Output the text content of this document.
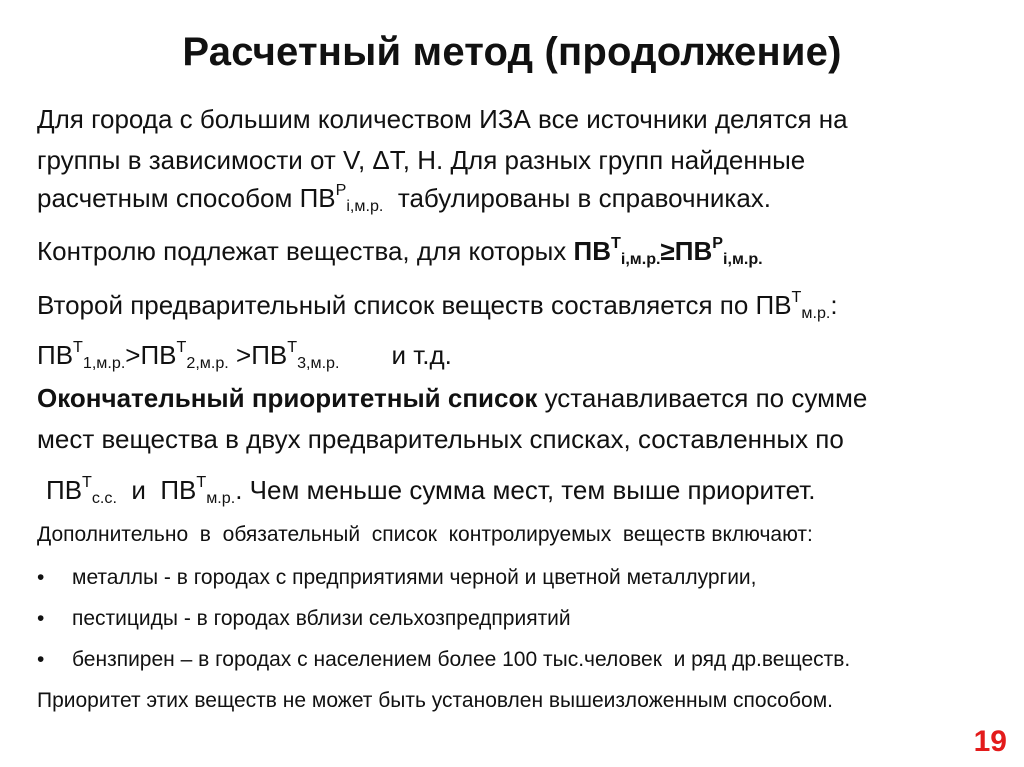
Расчетный метод (продолжение)
Для города с большим количеством ИЗА все источники делятся на
группы в зависимости от V, ΔT, H. Для разных групп найденные
расчетным способом $ПВ^Р_{i,м.р.}$  табулированы в справочниках.
Контролю подлежат вещества, для которых $ПВ^Т_{i,м.р.}\ge ПВ^Р_{i,м.р.}$
Второй предварительный список веществ составляется по $ПВ^Т_{м.р.}$:
$ПВ^Т_{1,м.р.}>ПВ^Т_{2,м.р.} >ПВ^Т_{3,м.р.}$ и т.д.
Окончательный приоритетный список устанавливается по сумме
мест вещества в двух предварительных списках, составленных по
$ПВ^Т_{с.с.}$  и  $ПВ^Т_{м.р.}$. Чем меньше сумма мест, тем выше приоритет.
Дополнительно  в  обязательный  список  контролируемых  веществ включают:
• металлы - в городах с предприятиями черной и цветной металлургии,
• пестициды - в городах вблизи сельхозпредприятий
• бензпирен – в городах с населением более 100 тыс.человек  и ряд др.веществ.
Приоритет этих веществ не может быть установлен вышеизложенным способом.
19
